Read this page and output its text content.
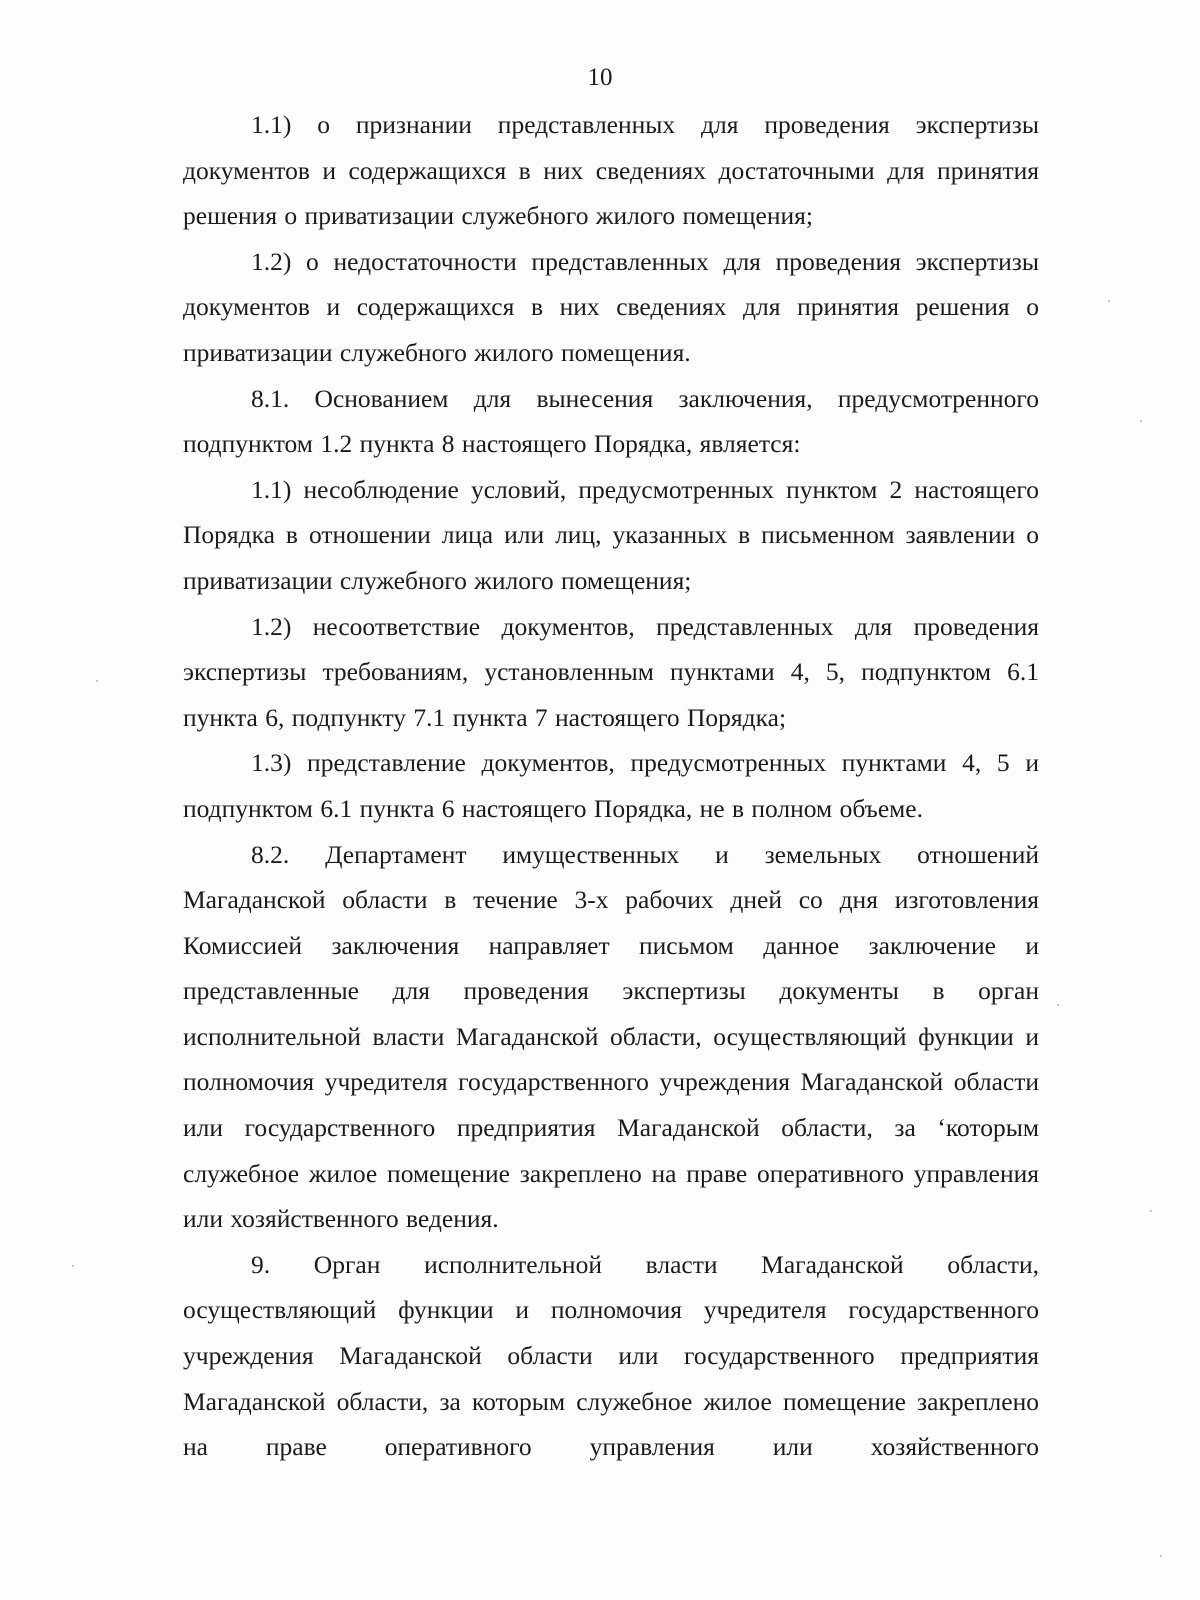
10

1.1) о признании представленных для проведения экспертизы документов и содержащихся в них сведениях достаточными для принятия решения о приватизации служебного жилого помещения;

1.2) о недостаточности представленных для проведения экспертизы документов и содержащихся в них сведениях для принятия решения о приватизации служебного жилого помещения.

8.1. Основанием для вынесения заключения, предусмотренного подпунктом 1.2 пункта 8 настоящего Порядка, является:

1.1) несоблюдение условий, предусмотренных пунктом 2 настоящего Порядка в отношении лица или лиц, указанных в письменном заявлении о приватизации служебного жилого помещения;

1.2) несоответствие документов, представленных для проведения экспертизы требованиям, установленным пунктами 4, 5, подпунктом 6.1 пункта 6, подпункту 7.1 пункта 7 настоящего Порядка;

1.3) представление документов, предусмотренных пунктами 4, 5 и подпунктом 6.1 пункта 6 настоящего Порядка, не в полном объеме.

8.2. Департамент имущественных и земельных отношений Магаданской области в течение 3-х рабочих дней со дня изготовления Комиссией заключения направляет письмом данное заключение и представленные для проведения экспертизы документы в орган исполнительной власти Магаданской области, осуществляющий функции и полномочия учредителя государственного учреждения Магаданской области или государственного предприятия Магаданской области, за ‘которым служебное жилое помещение закреплено на праве оперативного управления или хозяйственного ведения.

9. Орган исполнительной власти Магаданской области, осуществляющий функции и полномочия учредителя государственного учреждения Магаданской области или государственного предприятия Магаданской области, за которым служебное жилое помещение закреплено на праве оперативного управления или хозяйственного
